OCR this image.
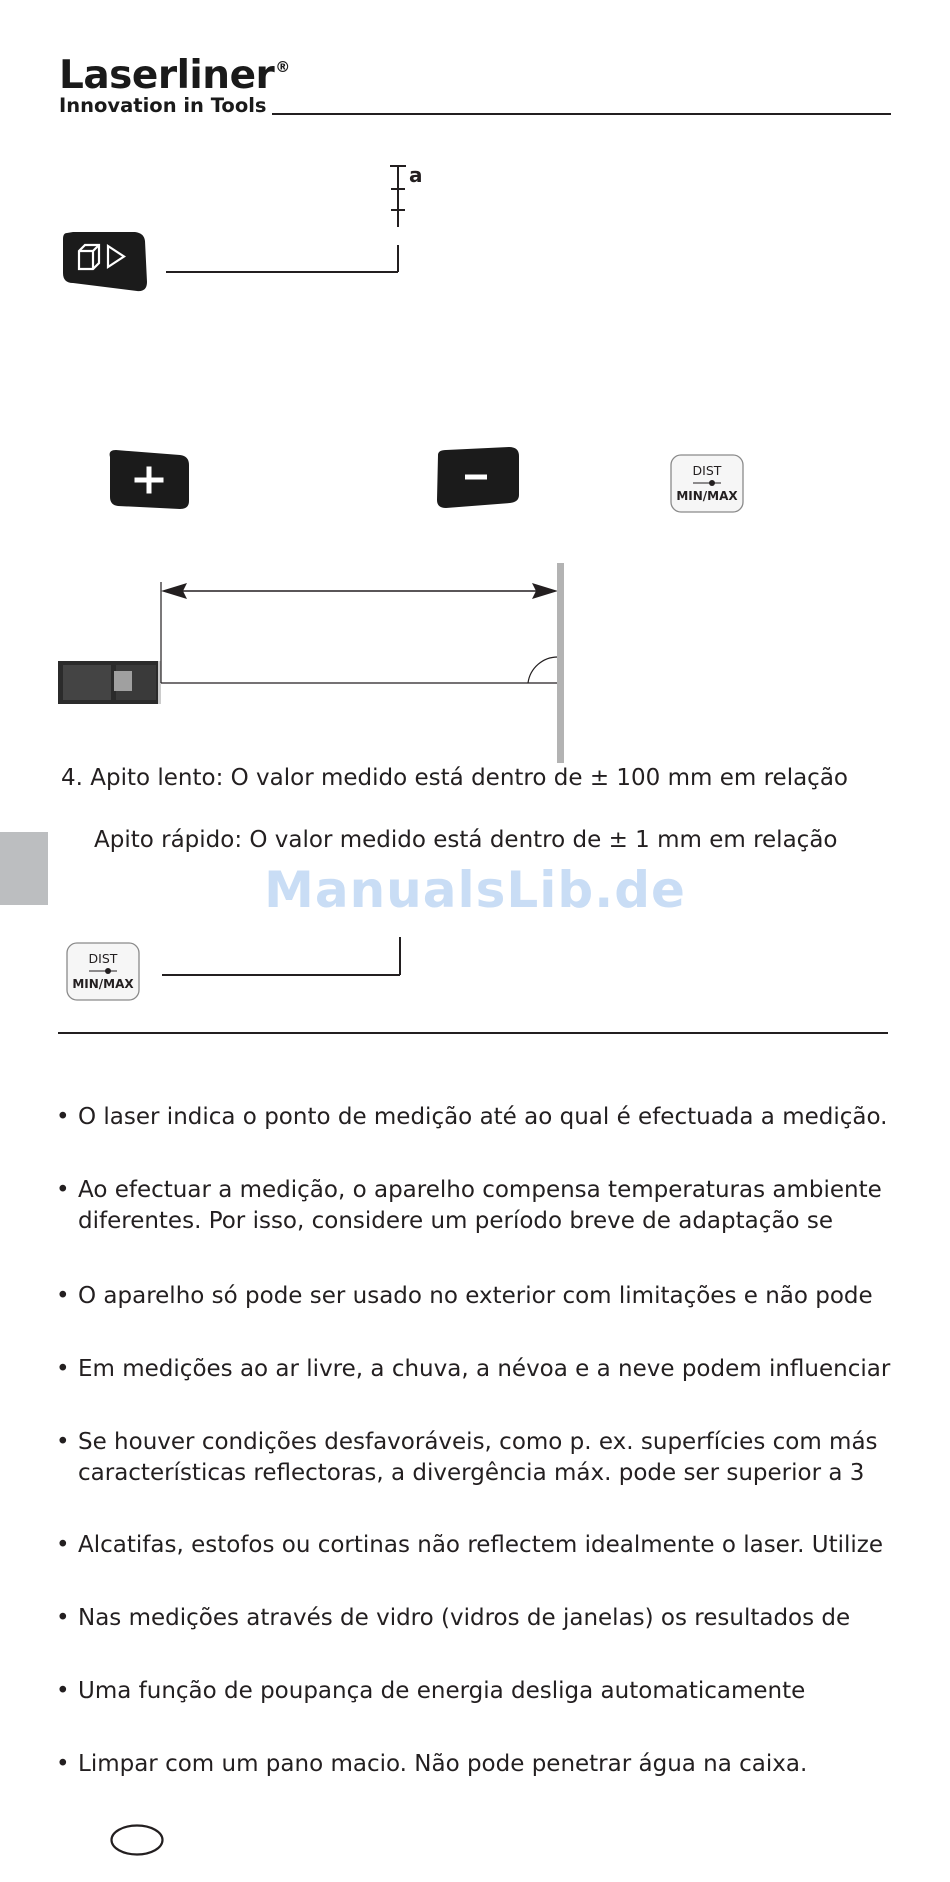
Laserliner®
Innovation in Tools
a
DIST
MIN/MAX
4. Apito lento: O valor medido está dentro de ± 100 mm em relação
Apito rápido: O valor medido está dentro de ± 1 mm em relação
ManualsLib.de
DIST
MIN/MAX
• O laser indica o ponto de medição até ao qual é efectuada a medição.
• Ao efectuar a medição, o aparelho compensa temperaturas ambiente
diferentes. Por isso, considere um período breve de adaptação se
• O aparelho só pode ser usado no exterior com limitações e não pode
• Em medições ao ar livre, a chuva, a névoa e a neve podem influenciar
• Se houver condições desfavoráveis, como p. ex. superfícies com más
características reflectoras, a divergência máx. pode ser superior a 3
• Alcatifas, estofos ou cortinas não reflectem idealmente o laser. Utilize
• Nas medições através de vidro (vidros de janelas) os resultados de
• Uma função de poupança de energia desliga automaticamente
• Limpar com um pano macio. Não pode penetrar água na caixa.
